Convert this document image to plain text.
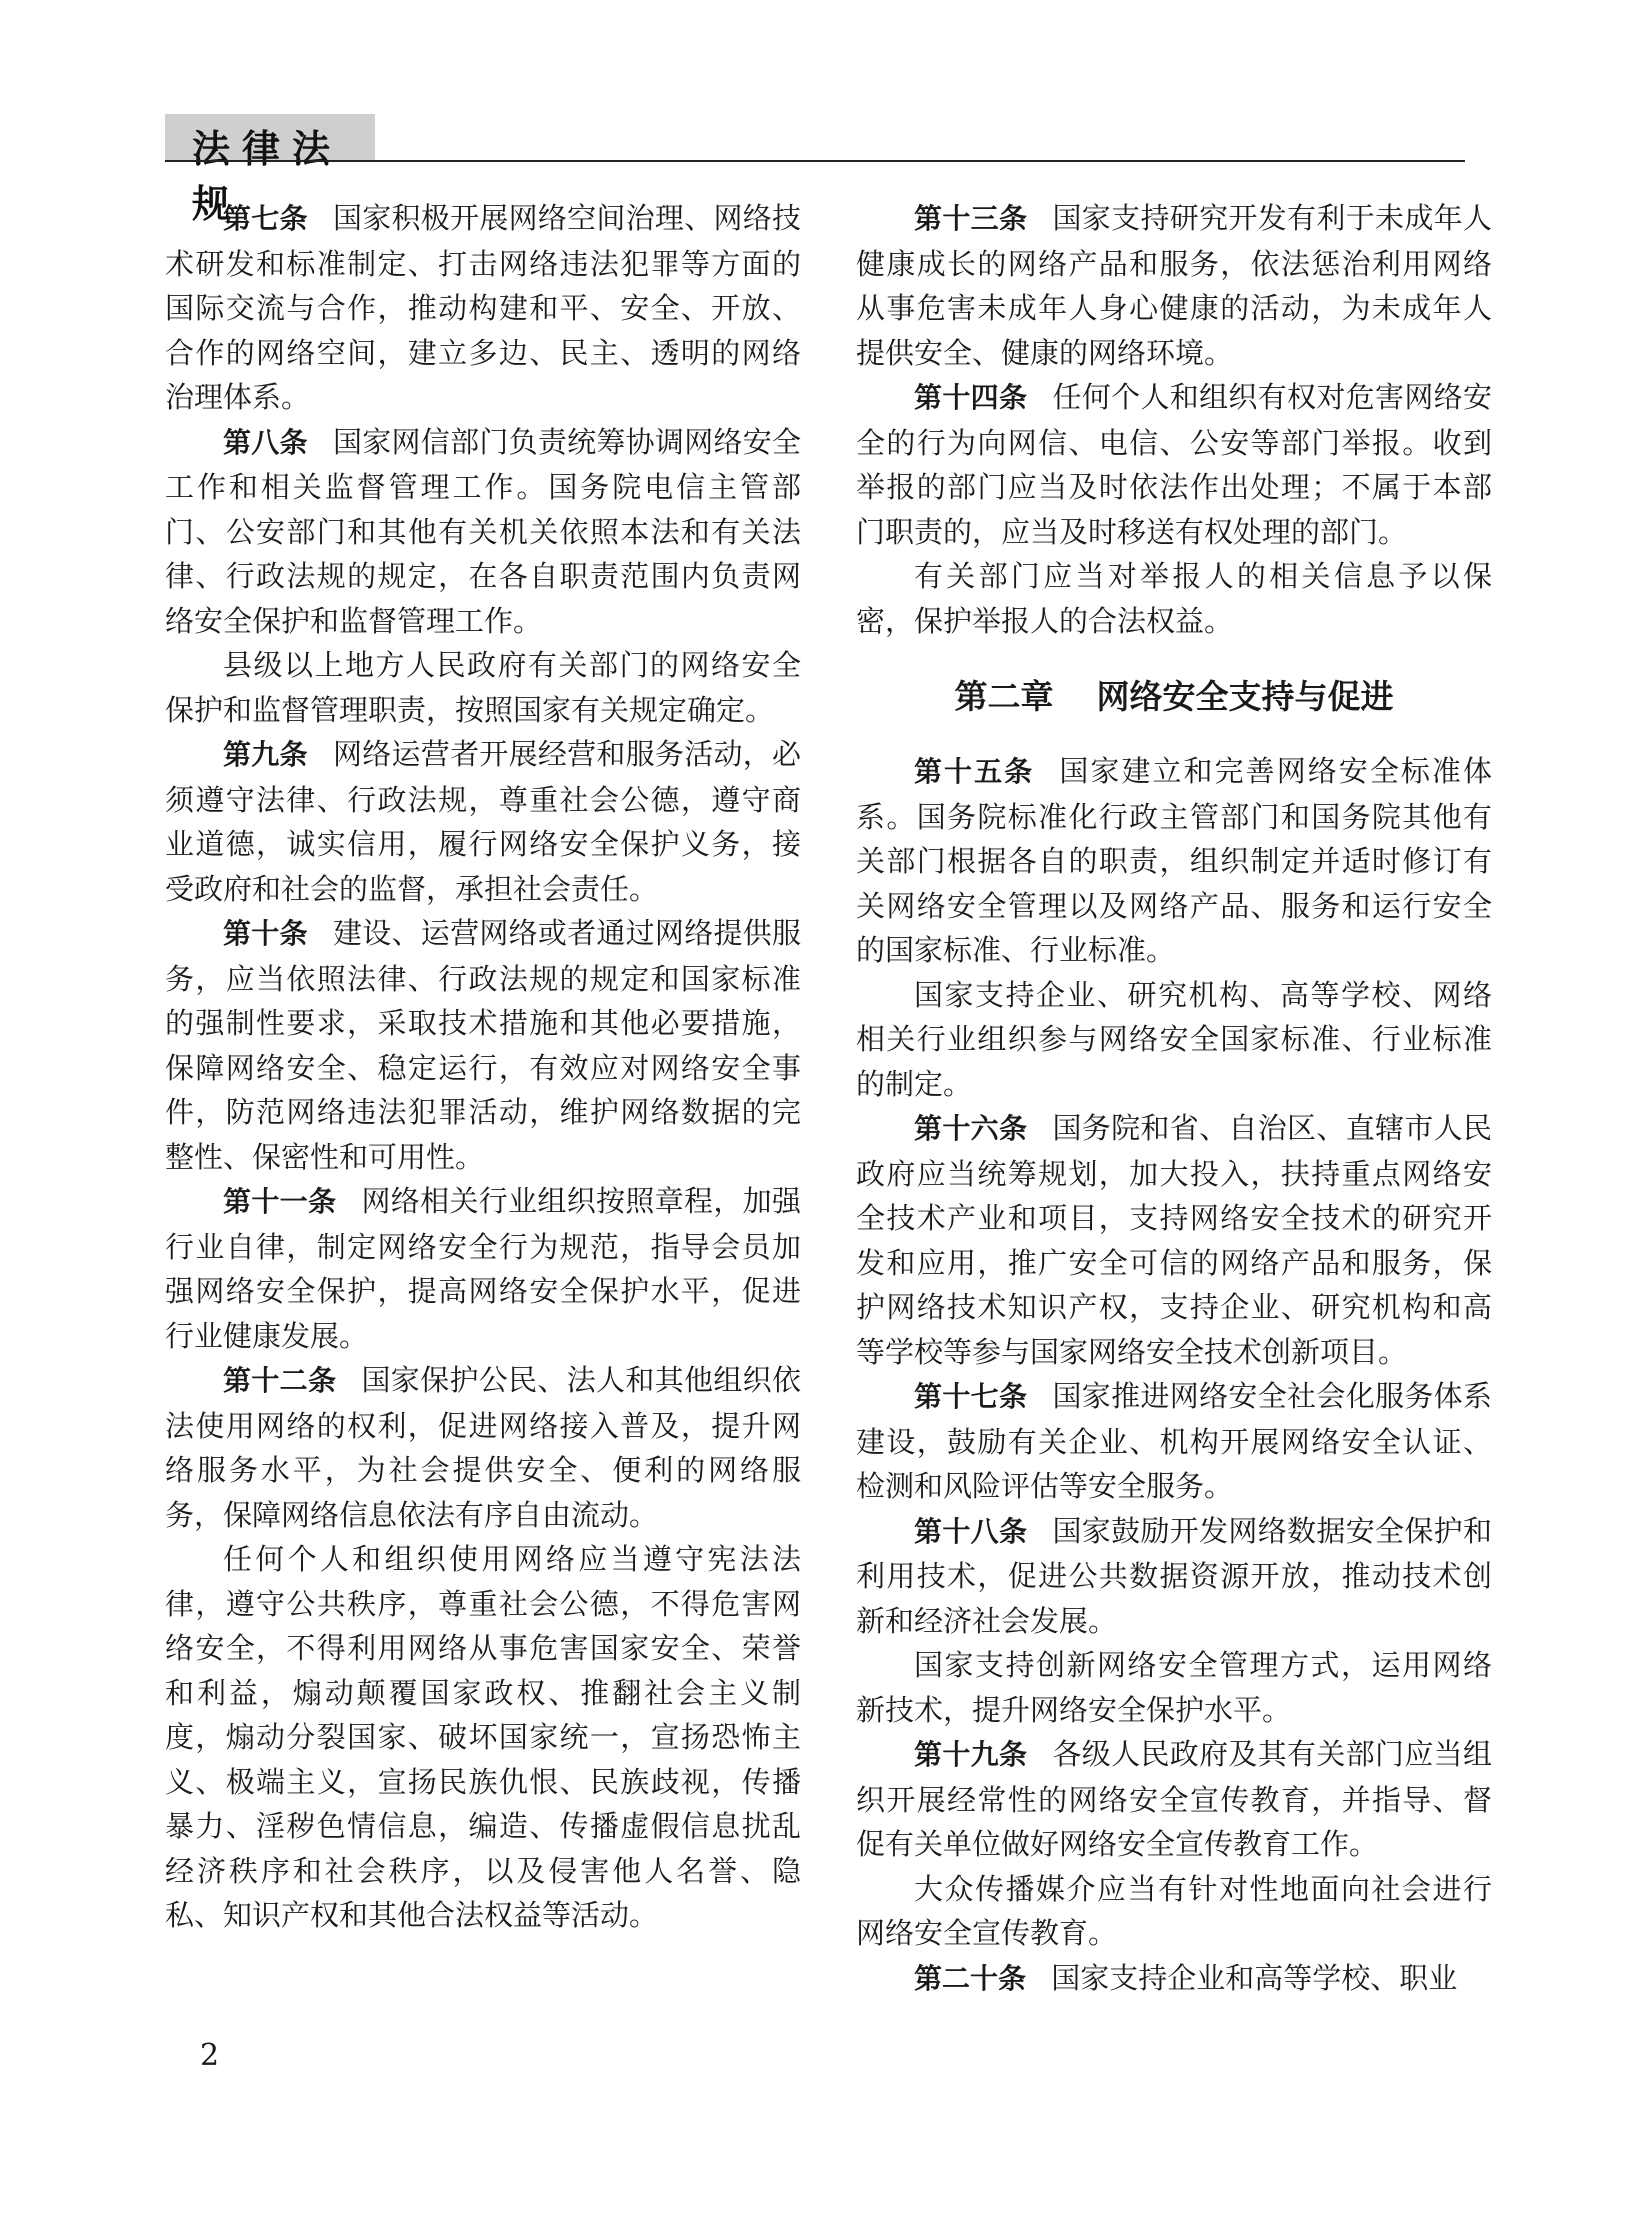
法律法规

第七条 国家积极开展网络空间治理、网络技术研发和标准制定、打击网络违法犯罪等方面的国际交流与合作，推动构建和平、安全、开放、合作的网络空间，建立多边、民主、透明的网络治理体系。

第八条 国家网信部门负责统筹协调网络安全工作和相关监督管理工作。国务院电信主管部门、公安部门和其他有关机关依照本法和有关法律、行政法规的规定，在各自职责范围内负责网络安全保护和监督管理工作。

县级以上地方人民政府有关部门的网络安全保护和监督管理职责，按照国家有关规定确定。

第九条 网络运营者开展经营和服务活动，必须遵守法律、行政法规，尊重社会公德，遵守商业道德，诚实信用，履行网络安全保护义务，接受政府和社会的监督，承担社会责任。

第十条 建设、运营网络或者通过网络提供服务，应当依照法律、行政法规的规定和国家标准的强制性要求，采取技术措施和其他必要措施，保障网络安全、稳定运行，有效应对网络安全事件，防范网络违法犯罪活动，维护网络数据的完整性、保密性和可用性。

第十一条 网络相关行业组织按照章程，加强行业自律，制定网络安全行为规范，指导会员加强网络安全保护，提高网络安全保护水平，促进行业健康发展。

第十二条 国家保护公民、法人和其他组织依法使用网络的权利，促进网络接入普及，提升网络服务水平，为社会提供安全、便利的网络服务，保障网络信息依法有序自由流动。

任何个人和组织使用网络应当遵守宪法法律，遵守公共秩序，尊重社会公德，不得危害网络安全，不得利用网络从事危害国家安全、荣誉和利益，煽动颠覆国家政权、推翻社会主义制度，煽动分裂国家、破坏国家统一，宣扬恐怖主义、极端主义，宣扬民族仇恨、民族歧视，传播暴力、淫秽色情信息，编造、传播虚假信息扰乱经济秩序和社会秩序，以及侵害他人名誉、隐私、知识产权和其他合法权益等活动。

第十三条 国家支持研究开发有利于未成年人健康成长的网络产品和服务，依法惩治利用网络从事危害未成年人身心健康的活动，为未成年人提供安全、健康的网络环境。

第十四条 任何个人和组织有权对危害网络安全的行为向网信、电信、公安等部门举报。收到举报的部门应当及时依法作出处理；不属于本部门职责的，应当及时移送有权处理的部门。

有关部门应当对举报人的相关信息予以保密，保护举报人的合法权益。

第二章 网络安全支持与促进

第十五条 国家建立和完善网络安全标准体系。国务院标准化行政主管部门和国务院其他有关部门根据各自的职责，组织制定并适时修订有关网络安全管理以及网络产品、服务和运行安全的国家标准、行业标准。

国家支持企业、研究机构、高等学校、网络相关行业组织参与网络安全国家标准、行业标准的制定。

第十六条 国务院和省、自治区、直辖市人民政府应当统筹规划，加大投入，扶持重点网络安全技术产业和项目，支持网络安全技术的研究开发和应用，推广安全可信的网络产品和服务，保护网络技术知识产权，支持企业、研究机构和高等学校等参与国家网络安全技术创新项目。

第十七条 国家推进网络安全社会化服务体系建设，鼓励有关企业、机构开展网络安全认证、检测和风险评估等安全服务。

第十八条 国家鼓励开发网络数据安全保护和利用技术，促进公共数据资源开放，推动技术创新和经济社会发展。

国家支持创新网络安全管理方式，运用网络新技术，提升网络安全保护水平。

第十九条 各级人民政府及其有关部门应当组织开展经常性的网络安全宣传教育，并指导、督促有关单位做好网络安全宣传教育工作。

大众传播媒介应当有针对性地面向社会进行网络安全宣传教育。

第二十条 国家支持企业和高等学校、职业

2
